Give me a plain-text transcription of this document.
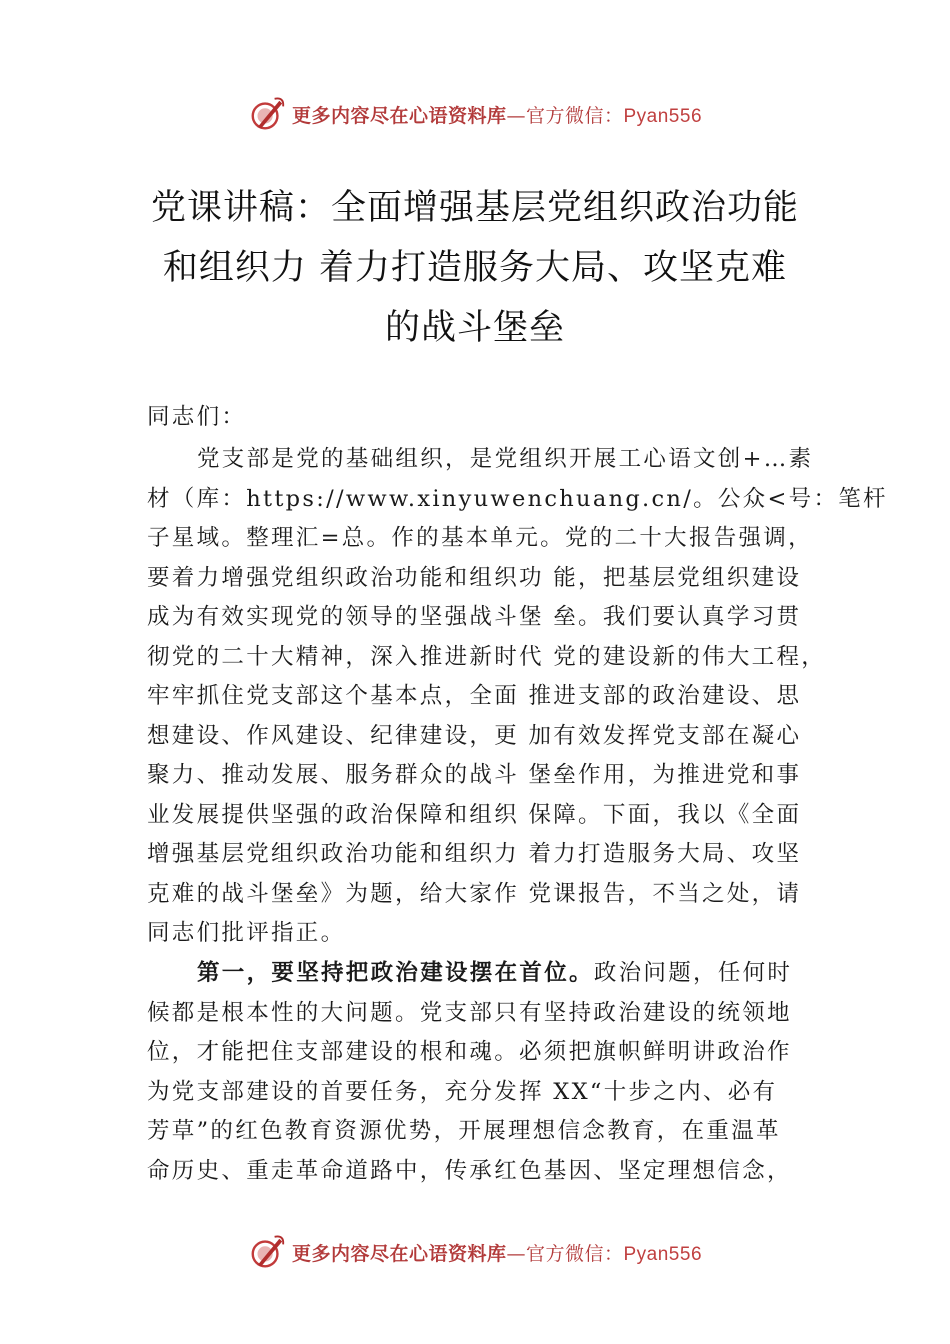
更多内容尽在心语资料库—官方微信：Pyan556
党课讲稿：全面增强基层党组织政治功能
和组织力 着力打造服务大局、攻坚克难
的战斗堡垒
同志们：
党支部是党的基础组织，是党组织开展工心语文创+…素
材（库：https://www.xinyuwenchuang.cn/。公众<号：笔杆
子星域。整理汇=总。作的基本单元。党的二十大报告强调，
要着力增强党组织政治功能和组织功 能，把基层党组织建设
成为有效实现党的领导的坚强战斗堡 垒。我们要认真学习贯
彻党的二十大精神，深入推进新时代 党的建设新的伟大工程，
牢牢抓住党支部这个基本点，全面 推进支部的政治建设、思
想建设、作风建设、纪律建设，更 加有效发挥党支部在凝心
聚力、推动发展、服务群众的战斗 堡垒作用，为推进党和事
业发展提供坚强的政治保障和组织 保障。下面，我以《全面
增强基层党组织政治功能和组织力 着力打造服务大局、攻坚
克难的战斗堡垒》为题，给大家作 党课报告，不当之处，请
同志们批评指正。
第一，要坚持把政治建设摆在首位。政治问题，任何时
候都是根本性的大问题。党支部只有坚持政治建设的统领地
位，才能把住支部建设的根和魂。必须把旗帜鲜明讲政治作
为党支部建设的首要任务，充分发挥 XX“十步之内、必有
芳草”的红色教育资源优势，开展理想信念教育，在重温革
命历史、重走革命道路中，传承红色基因、坚定理想信念，
更多内容尽在心语资料库—官方微信：Pyan556
